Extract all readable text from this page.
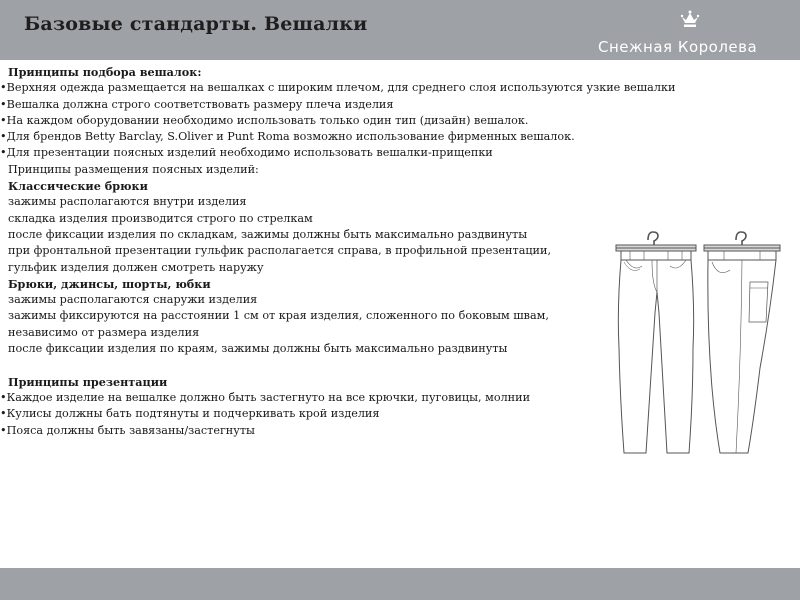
Базовые стандарты. Вешалки
Снежная Королева
Принципы подбора вешалок:
• Верхняя одежда размещается на вешалках с широким плечом, для среднего слоя используются узкие вешалки
• Вешалка должна строго соответствовать размеру плеча изделия
• На каждом оборудовании необходимо использовать только один тип (дизайн) вешалок.
• Для брендов Betty Barclay, S.Oliver и Punt Roma возможно использование фирменных вешалок.
• Для презентации поясных изделий необходимо использовать вешалки-прищепки
Принципы размещения поясных изделий:
Классические брюки
зажимы располагаются внутри изделия
складка изделия производится строго по стрелкам
после фиксации изделия по складкам, зажимы должны быть максимально раздвинуты
при фронтальной презентации гульфик располагается справа, в профильной презентации,
гульфик изделия должен смотреть наружу
Брюки, джинсы, шорты, юбки
зажимы располагаются снаружи изделия
зажимы фиксируются на расстоянии 1 см от края изделия, сложенного по боковым швам,
независимо от размера изделия
после фиксации изделия по краям, зажимы должны быть максимально раздвинуты
Принципы презентации
• Каждое изделие на вешалке должно быть застегнуто на все крючки, пуговицы, молнии
• Кулисы должны бать подтянуты и подчеркивать крой изделия
• Пояса должны быть завязаны/застегнуты
